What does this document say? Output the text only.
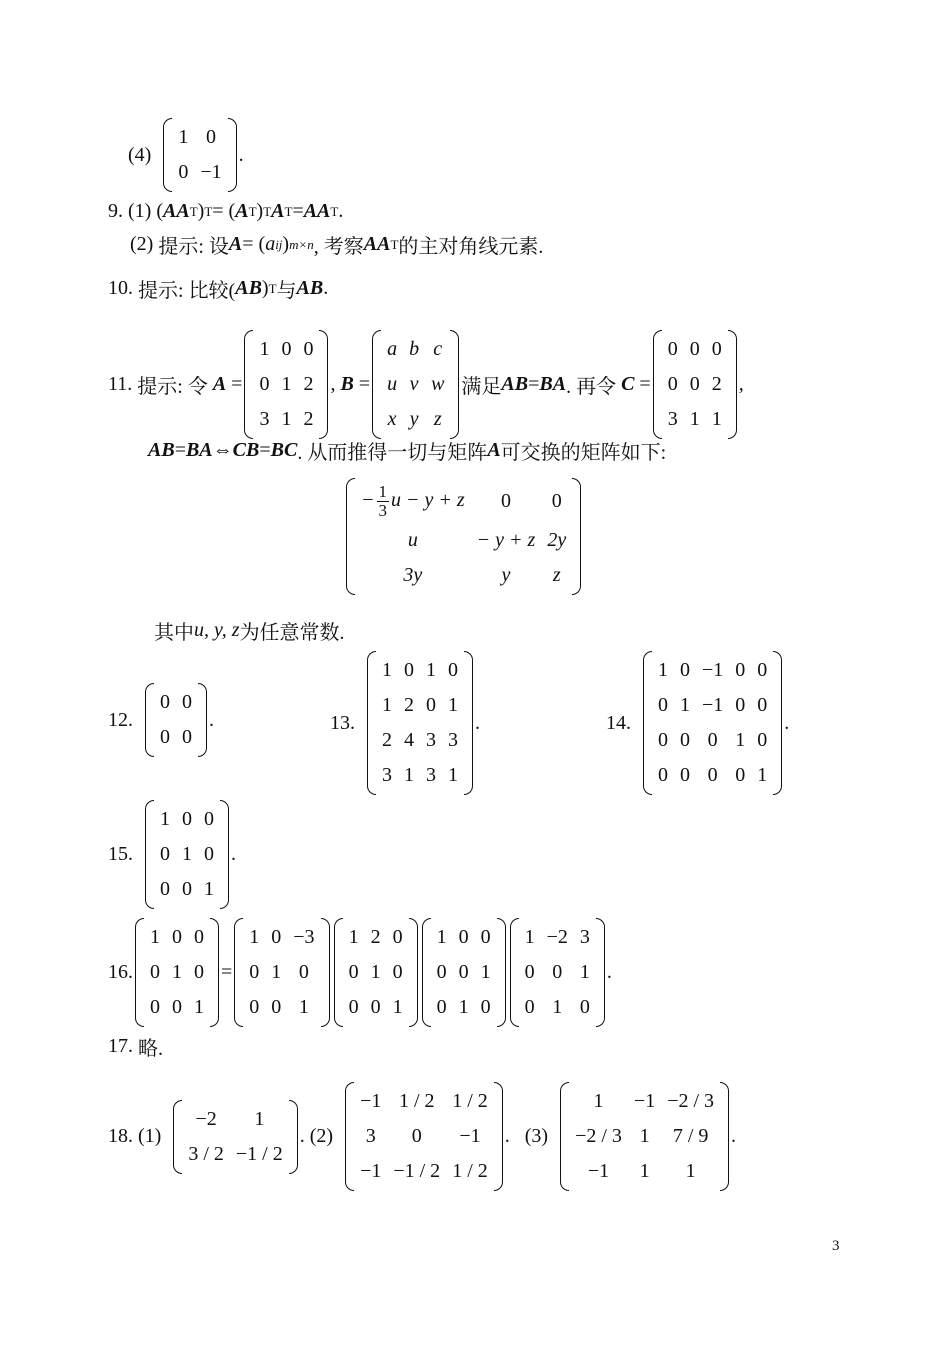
(4)
1	0
0	−1
.
9. (1)
( AA T ) T = ( A T ) T A T = AA T .
(2)
提示:
设 A = ( a ij ) m×n , 考察 AA T 的主对角线元素.
10.
提示:
比较( AB ) T 与 AB .
11.
提示:
令
A
=
1	0	0
0	1	2
3	1	2
,
B
=
a	b	c
u	v	w
x	y	z
满足 AB = BA . 再令
C
=
0	0	0
0	0	2
3	1	1
,
AB = BA ⇔ CB = BC . 从而推得一切与矩阵 A 可交换的矩阵如下:
− $\frac{1}{3}$ u − y + z	0	0
u	− y + z	2y
3y	y	z
其中 u, y, z 为任意常数.
12.
0	0
0	0
.	13.
1	0	1	0
1	2	0	1
2	4	3	3
3	1	3	1
.	14.
1	0	−1	0	0
0	1	−1	0	0
0	0	0	1	0
0	0	0	0	1
.
15.
1	0	0
0	1	0
0	0	1
.
16.
1	0	0
0	1	0
0	0	1
=
1	0	−3
0	1	0
0	0	1
1	2	0
0	1	0
0	0	1
1	0	0
0	0	1
0	1	0
1	−2	3
0	0	1
0	1	0
.
17.
略.
18. (1)
−2	1
3 / 2	−1 / 2
. (2)
−1	1 / 2	1 / 2
3	0	−1
−1	−1 / 2	1 / 2
.   (3)
1	−1	−2 / 3
−2 / 3	1	7 / 9
−1	1	1
.
3
